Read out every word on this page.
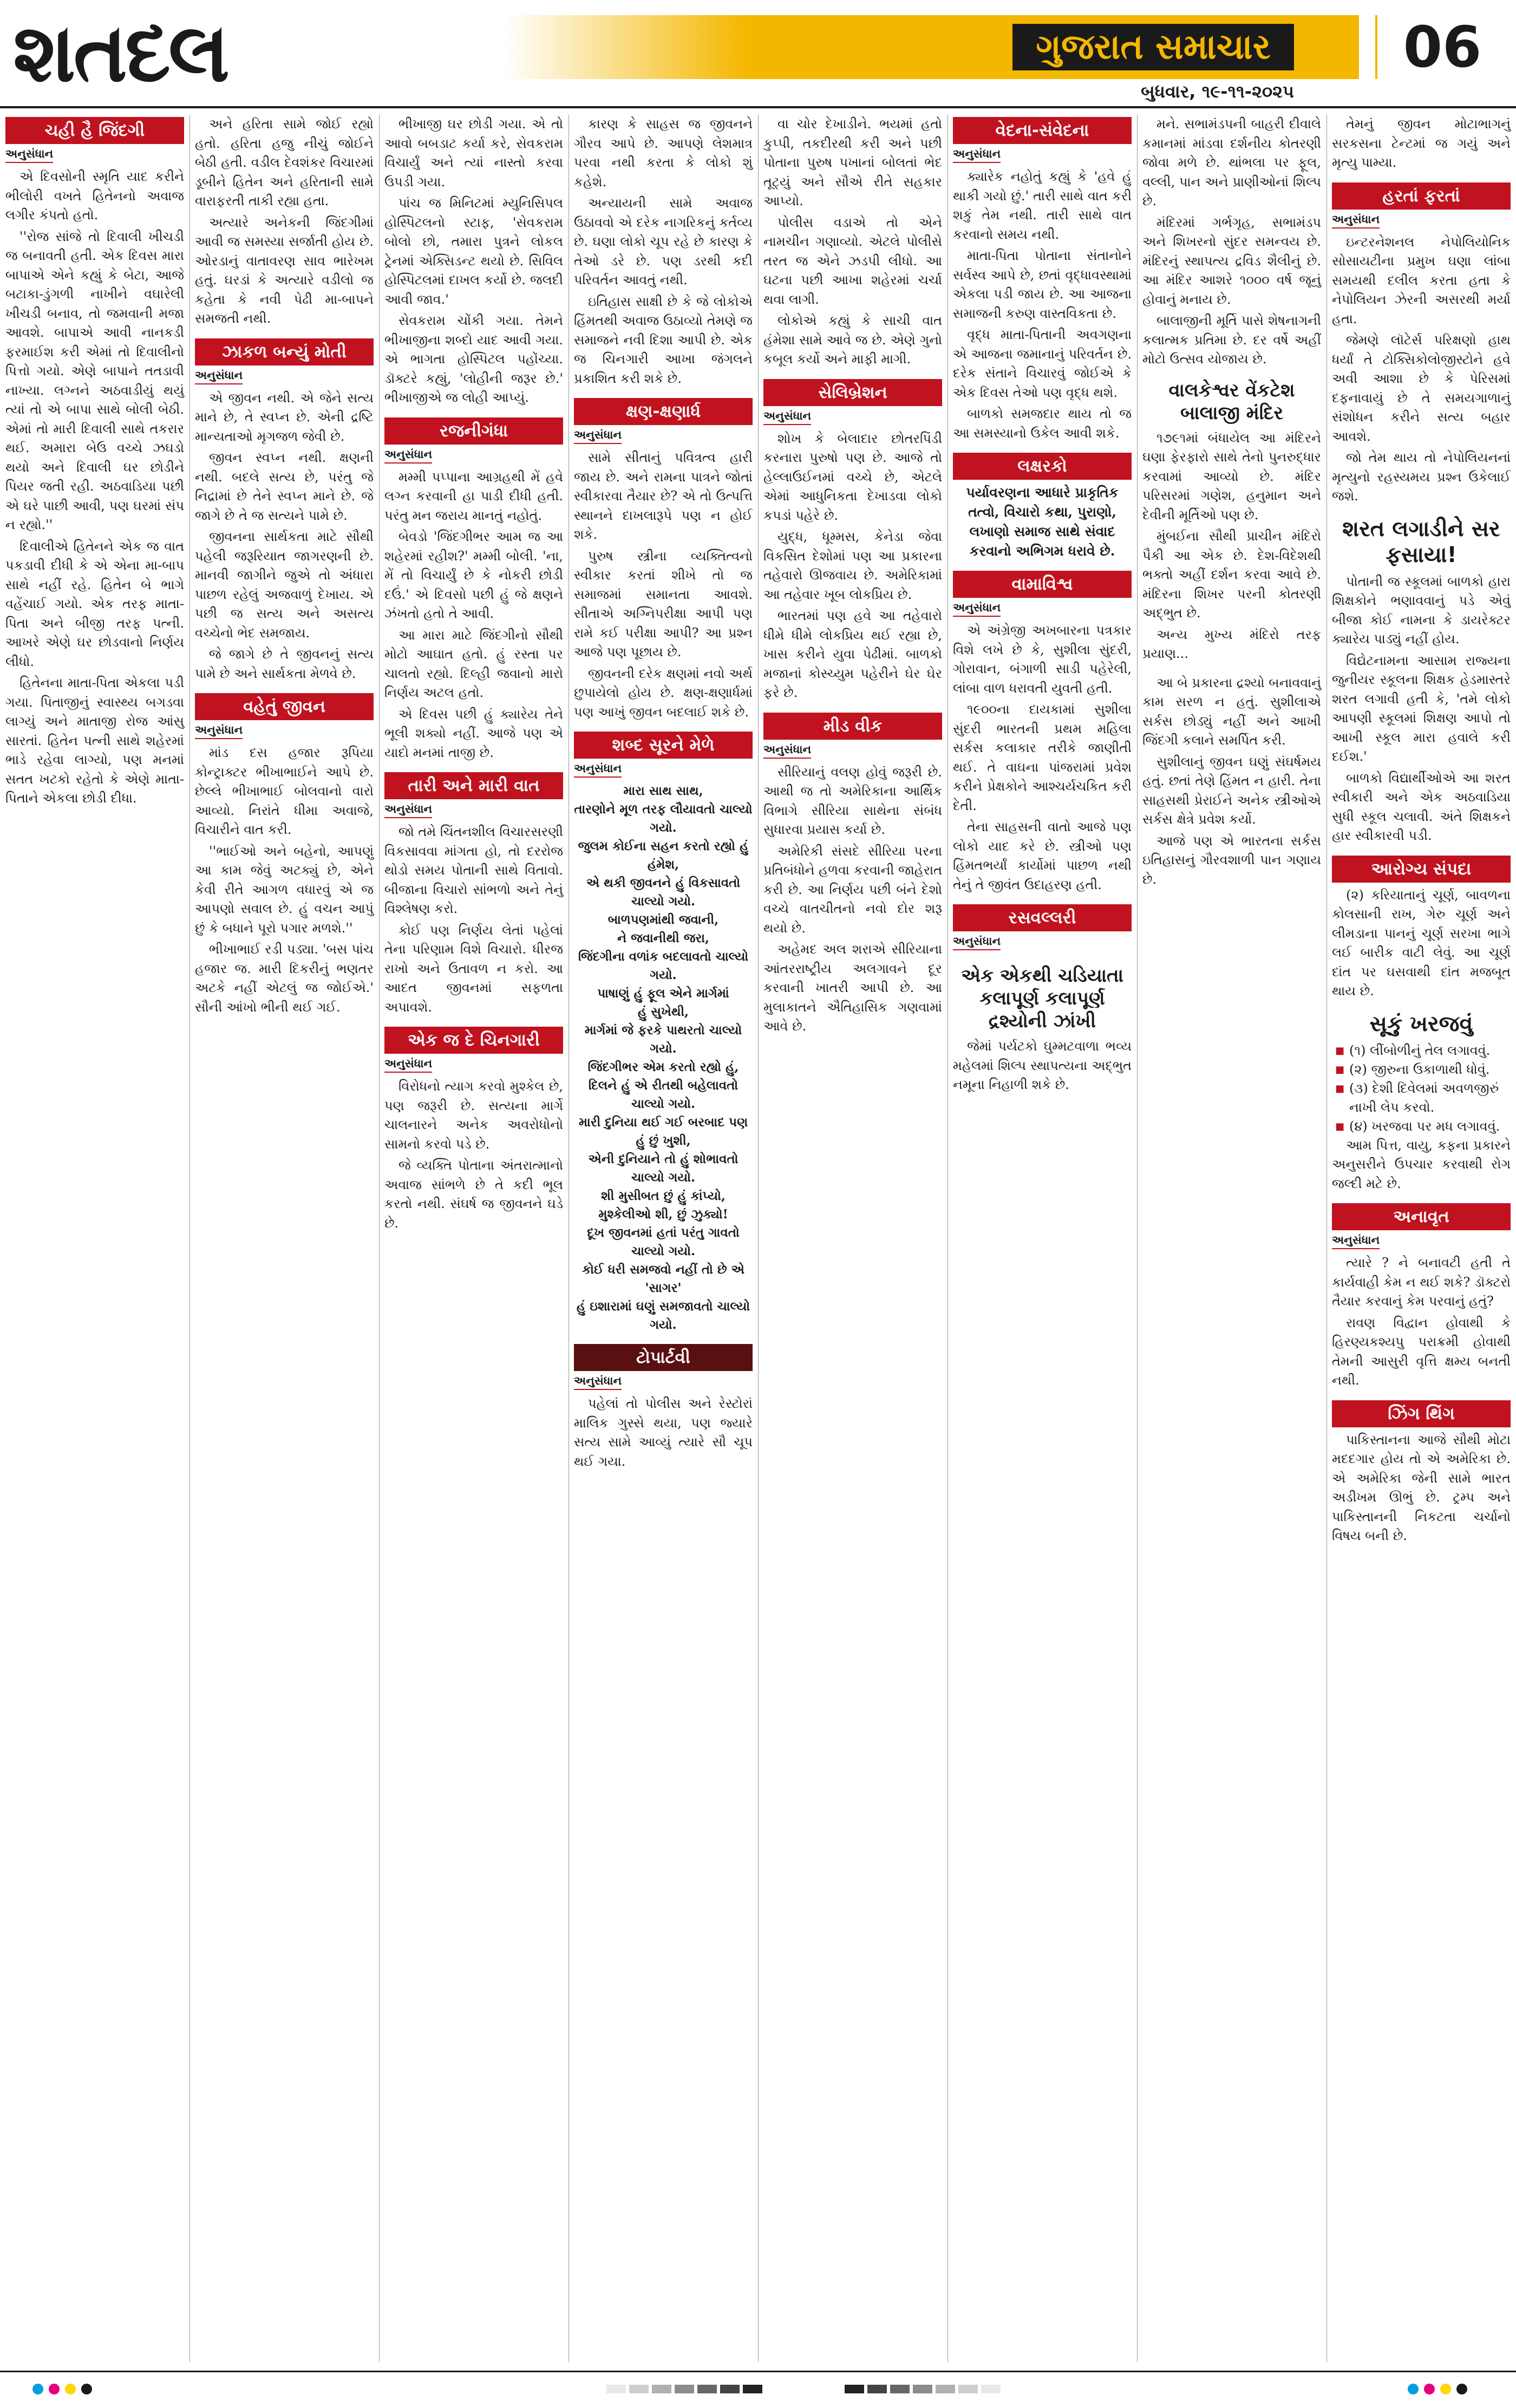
શતદલ	ગુજરાત સમાચાર
બુધવાર, ૧૯-૧૧-૨૦૨૫
06
ચહી હૈ જિંદગી
અનુસંધાન

એ દિવસોની સ્મૃતિ યાદ કરીને ભીલોરી વખતે હિતેનનો અવાજ લગીર કંપતો હતો.

''રોજ સાંજે તો દિવાલી ખીચડી જ બનાવતી હતી. એક દિવસ મારા બાપાએ એને કહ્યું કે બેટા, આજે બટાકા-ડુંગળી નાખીને વઘારેલી ખીચડી બનાવ, તો જમવાની મજા આવશે. બાપાએ આવી નાનકડી ફરમાઈશ કરી એમાં તો દિવાલીનો પિત્તો ગયો. એણે બાપાને તતડાવી નાખ્યા. લગ્નને અઠવાડીયું થયું ત્યાં તો એ બાપા સાથે બોલી બેઠી. એમાં તો મારી દિવાલી સાથે તકરાર થઈ. અમારા બેઉ વચ્ચે ઝઘડો થયો અને દિવાલી ઘર છોડીને પિયર જતી રહી. અઠવાડિયા પછી એ ઘરે પાછી આવી, પણ ઘરમાં સંપ ન રહ્યો.''

દિવાલીએ હિતેનને એક જ વાત પકડાવી દીધી કે એ એના મા-બાપ સાથે નહીં રહે. હિતેન બે ભાગે વહેંચાઈ ગયો. એક તરફ માતા-પિતા અને બીજી તરફ પત્ની. આખરે એણે ઘર છોડવાનો નિર્ણય લીધો.

હિતેનના માતા-પિતા એકલા પડી ગયા. પિતાજીનું સ્વાસ્થ્ય બગડવા લાગ્યું અને માતાજી રોજ આંસુ સારતાં. હિતેન પત્ની સાથે શહેરમાં ભાડે રહેવા લાગ્યો, પણ મનમાં સતત ખટકો રહેતો કે એણે માતા-પિતાને એકલા છોડી દીધા.

અને હરિતા સામે જોઈ રહ્યો હતો. હરિતા હજુ નીચું જોઈને બેઠી હતી. વડીલ દેવશંકર વિચારમાં ડૂબીને હિતેન અને હરિતાની સામે વારાફરતી તાકી રહ્યા હતા.

અત્યારે અનેકની જિંદગીમાં આવી જ સમસ્યા સર્જાતી હોય છે. ઓરડાનું વાતાવરણ સાવ ભારેખમ હતું. ઘરડાં કે અત્યારે વડીલો જ કહેતા કે નવી પેઢી મા-બાપને સમજતી નથી.

ઝાકળ બન્યું મોતી
અનુસંધાન

એ જીવન નથી. એ જેને સત્ય માને છે, તે સ્વપ્ન છે. એની દ્રષ્ટિ માન્યતાઓ મૃગજળ જેવી છે.

જીવન સ્વપ્ન નથી. ક્ષણની નથી. બદલે સત્ય છે, પરંતુ જે નિદ્રામાં છે તેને સ્વપ્ન માને છે. જે જાગે છે તે જ સત્યને પામે છે.

જીવનના સાર્થકતા માટે સૌથી પહેલી જરૂરિયાત જાગરણની છે. માનવી જાગીને જુએ તો અંધારા પાછળ રહેલું અજવાળું દેખાય. એ પછી જ સત્ય અને અસત્ય વચ્ચેનો ભેદ સમજાય.

જે જાગે છે તે જીવનનું સત્ય પામે છે અને સાર્થકતા મેળવે છે.

વહેતું જીવન
અનુસંધાન

માંડ દસ હજાર રૂપિયા કોન્ટ્રાક્ટર ભીખાભાઈને આપે છે. છેલ્લે ભીખાભાઈ બોલવાનો વારો આવ્યો. નિરાંતે ધીમા અવાજે, વિચારીને વાત કરી.

''ભાઈઓ અને બહેનો, આપણું આ કામ જેવું અટક્યું છે, એને કેવી રીતે આગળ વધારવું એ જ આપણો સવાલ છે. હું વચન આપું છું કે બધાને પૂરો પગાર મળશે.''

ભીખાભાઈ રડી પડ્યા. 'બસ પાંચ હજાર જ. મારી દિકરીનું ભણતર અટકે નહીં એટલું જ જોઈએ.' સૌની આંખો ભીની થઈ ગઈ.

ભીખાજી ઘર છોડી ગયા. એ તો આવો બબડાટ કર્યા કરે, સેવકરામ વિચાર્યું અને ત્યાં નાસ્તો કરવા ઉપડી ગયા.

પાંચ જ મિનિટમાં મ્યુનિસિપલ હોસ્પિટલનો સ્ટાફ, 'સેવકરામ બોલો છો, તમારા પુત્રને લોકલ ટ્રેનમાં એક્સિડન્ટ થયો છે. સિવિલ હોસ્પિટલમાં દાખલ કર્યો છે. જલદી આવી જાવ.'

સેવકરામ ચોંકી ગયા. તેમને ભીખાજીના શબ્દો યાદ આવી ગયા. એ ભાગતા હોસ્પિટલ પહોંચ્યા. ડૉક્ટરે કહ્યું, 'લોહીની જરૂર છે.' ભીખાજીએ જ લોહી આપ્યું.

રજનીગંધા
અનુસંધાન

મમ્મી પપ્પાના આગ્રહથી મેં હવે લગ્ન કરવાની હા પાડી દીધી હતી. પરંતુ મન જરાય માનતું નહોતું.

બેવડો 'જિંદગીભર આમ જ આ શહેરમાં રહીશ?' મમ્મી બોલી. 'ના, મેં તો વિચાર્યું છે કે નોકરી છોડી દઉં.' એ દિવસો પછી હું જે ક્ષણને ઝંખતો હતો તે આવી.

આ મારા માટે જિંદગીનો સૌથી મોટો આઘાત હતો. હું રસ્તા પર ચાલતો રહ્યો. દિલ્હી જવાનો મારો નિર્ણય અટલ હતો.

એ દિવસ પછી હું ક્યારેય તેને ભૂલી શક્યો નહીં. આજે પણ એ યાદો મનમાં તાજી છે.

તારી અને મારી વાત
અનુસંધાન

જો તમે ચિંતનશીલ વિચારસરણી વિકસાવવા માંગતા હો, તો દરરોજ થોડો સમય પોતાની સાથે વિતાવો. બીજાના વિચારો સાંભળો અને તેનું વિશ્લેષણ કરો.

કોઈ પણ નિર્ણય લેતાં પહેલાં તેના પરિણામ વિશે વિચારો. ધીરજ રાખો અને ઉતાવળ ન કરો. આ આદત જીવનમાં સફળતા અપાવશે.

એક જ દે ચિનગારી
અનુસંધાન

વિરોધનો ત્યાગ કરવો મુશ્કેલ છે, પણ જરૂરી છે. સત્યના માર્ગે ચાલનારને અનેક અવરોધોનો સામનો કરવો પડે છે.

જે વ્યક્તિ પોતાના અંતરાત્માનો અવાજ સાંભળે છે તે કદી ભૂલ કરતો નથી. સંઘર્ષ જ જીવનને ઘડે છે.

કારણ કે સાહસ જ જીવનને ગૌરવ આપે છે. આપણે લેશમાત્ર પરવા નથી કરતા કે લોકો શું કહેશે.

અન્યાયની સામે અવાજ ઉઠાવવો એ દરેક નાગરિકનું કર્તવ્ય છે. ઘણા લોકો ચૂપ રહે છે કારણ કે તેઓ ડરે છે. પણ ડરથી કદી પરિવર્તન આવતું નથી.

ઇતિહાસ સાક્ષી છે કે જે લોકોએ હિંમતથી અવાજ ઉઠાવ્યો તેમણે જ સમાજને નવી દિશા આપી છે. એક જ ચિનગારી આખા જંગલને પ્રકાશિત કરી શકે છે.

ક્ષણ-ક્ષણાર્ધ
અનુસંધાન

સામે સીતાનું પવિત્રત્વ હારી જાય છે. અને રામના પાત્રને જોતાં સ્વીકારવા તૈયાર છે? એ તો ઉત્પત્તિ સ્થાનને દાખલારૂપે પણ ન હોઈ શકે.

પુરુષ સ્ત્રીના વ્યક્તિત્વનો સ્વીકાર કરતાં શીખે તો જ સમાજમાં સમાનતા આવશે. સીતાએ અગ્નિપરીક્ષા આપી પણ રામે કઈ પરીક્ષા આપી? આ પ્રશ્ન આજે પણ પૂછાય છે.

જીવનની દરેક ક્ષણમાં નવો અર્થ છુપાયેલો હોય છે. ક્ષણ-ક્ષણાર્ધમાં પણ આખું જીવન બદલાઈ શકે છે.

શબ્દ સૂરને મેળે
અનુસંધાન

મારા સાથ સાથ,

તારણોને મૂળ તરફ લૌયાવતો ચાલ્યો ગયો.

જુલમ કોઈના સહન કરતો રહ્યો હું હંમેશ,

એ થકી જીવનને હું વિકસાવતો ચાલ્યો ગયો.

બાળપણમાંથી જવાની,

ને જવાનીથી જરા,

જિંદગીના વળાંક બદલાવતો ચાલ્યો ગયો.

પાષાણું હું ફૂલ એને માર્ગમાં

હું સુખેથી,

માર્ગમાં જે ફરકે પાથરતો ચાલ્યો ગયો.

જિંદગીભર એમ કરતો રહ્યો હું,

દિલને હું એ રીતથી બહેલાવતો ચાલ્યો ગયો.

મારી દુનિયા થઈ ગઈ બરબાદ પણ

હું છું ખુશી,

એની દુનિયાને તો હું શોભાવતો ચાલ્યો ગયો.

શી મુસીબત છું હું કાંપ્યો,

મુશ્કેલીઓ શી, છું ઝુક્યો!

દૂખ જીવનમાં હતાં પરંતુ ગાવતો ચાલ્યો ગયો.

કોઈ ધરી સમજવો નહીં તો છે એ 'સાગર'

હું ઇશારામાં ઘણું સમજાવતો ચાલ્યો ગયો.

ટોપાર્ટવી
અનુસંધાન

પહેલાં તો પોલીસ અને રેસ્ટોરાં માલિક ગુસ્સે થયા, પણ જ્યારે સત્ય સામે આવ્યું ત્યારે સૌ ચૂપ થઈ ગયા.

વા ચોર દેખાડીને. ભયમાં હતો કુપ્પી, તકદીરથી કરી અને પછી પોતાના પુરુષ પખાનાં બોલતાં ભેદ તૂટ્યું અને સૌએ રીતે સહકાર આપ્યો.

પોલીસ વડાએ તો એને નામચીન ગણાવ્યો. એટલે પોલીસે તરત જ એને ઝડપી લીધો. આ ઘટના પછી આખા શહેરમાં ચર્ચા થવા લાગી.

લોકોએ કહ્યું કે સાચી વાત હંમેશા સામે આવે જ છે. એણે ગુનો કબૂલ કર્યો અને માફી માગી.

સેલિબ્રેશન
અનુસંધાન

શોખ કે બેલાદાર છોતરપિંડી કરનારા પુરુષો પણ છે. આજે તો હેલ્લાઉઈનમાં વચ્ચે છે, એટલે એમાં આધુનિકતા દેખાડવા લોકો કપડાં પહેરે છે.

યુદ્ધ, ધૂમ્મસ, કેનેડા જેવા વિકસિત દેશોમાં પણ આ પ્રકારના તહેવારો ઊજવાય છે. અમેરિકામાં આ તહેવાર ખૂબ લોકપ્રિય છે.

ભારતમાં પણ હવે આ તહેવારો ધીમે ધીમે લોકપ્રિય થઈ રહ્યા છે, ખાસ કરીને યુવા પેઢીમાં. બાળકો મજાનાં કોસ્ચ્યુમ પહેરીને ઘેર ઘેર ફરે છે.

મીડ વીક
અનુસંધાન

સીરિયાનું વલણ હોવું જરૂરી છે. આથી જ તો અમેરિકાના આર્થિક વિભાગે સીરિયા સાથેના સંબંધ સુધારવા પ્રયાસ કર્યા છે.

અમેરિકી સંસદે સીરિયા પરના પ્રતિબંધોને હળવા કરવાની જાહેરાત કરી છે. આ નિર્ણય પછી બંને દેશો વચ્ચે વાતચીતનો નવો દોર શરૂ થયો છે.

અહેમદ અલ શરાએ સીરિયાના આંતરરાષ્ટ્રીય અલગાવને દૂર કરવાની ખાતરી આપી છે. આ મુલાકાતને ઐતિહાસિક ગણવામાં આવે છે.

વેદના-સંવેદના
અનુસંધાન

ક્યારેક નહોતું કહ્યું કે 'હવે હું થાકી ગયો છું.' તારી સાથે વાત કરી શકું તેમ નથી. તારી સાથે વાત કરવાનો સમય નથી.

માતા-પિતા પોતાના સંતાનોને સર્વસ્વ આપે છે, છતાં વૃદ્ધાવસ્થામાં એકલા પડી જાય છે. આ આજના સમાજની કરુણ વાસ્તવિકતા છે.

વૃદ્ધ માતા-પિતાની અવગણના એ આજના જમાનાનું પરિવર્તન છે. દરેક સંતાને વિચારવું જોઈએ કે એક દિવસ તેઓ પણ વૃદ્ધ થશે.

બાળકો સમજદાર થાય તો જ આ સમસ્યાનો ઉકેલ આવી શકે.

લક્ષરકો
પર્યાવરણના આધારે પ્રાકૃતિક તત્વો, વિચારો કથા, પુરાણો, લખાણો સમાજ સાથે સંવાદ કરવાનો અભિગમ ધરાવે છે.
વામાવિશ્વ
અનુસંધાન

એ અંગ્રેજી અખબારના પત્રકાર વિશે લખે છે કે, સુશીલા સુંદરી, ગોરાવાન, બંગાળી સાડી પહેરેલી, લાંબા વાળ ધરાવતી યુવતી હતી.

૧૯૦૦ના દાયકામાં સુશીલા સુંદરી ભારતની પ્રથમ મહિલા સર્કસ કલાકાર તરીકે જાણીતી થઈ. તે વાઘના પાંજરામાં પ્રવેશ કરીને પ્રેક્ષકોને આશ્ચર્યચકિત કરી દેતી.

તેના સાહસની વાતો આજે પણ લોકો યાદ કરે છે. સ્ત્રીઓ પણ હિંમતભર્યાં કાર્યોમાં પાછળ નથી તેનું તે જીવંત ઉદાહરણ હતી.

રસવલ્લરી
અનુસંધાન
એક એકથી ચડિયાતા કલાપૂર્ણ કલાપૂર્ણ દ્રશ્યોની ઝાંખી

જેમાં પર્યટકો ઘુમ્મટવાળા ભવ્ય મહેલમાં શિલ્પ સ્થાપત્યના અદ્ભુત નમૂના નિહાળી શકે છે.

મને. સભામંડપની બાહરી દીવાલે કમાનમાં માંડવા દર્શનીય કોતરણી જોવા મળે છે. થાંભલા પર ફૂલ, વલ્લી, પાન અને પ્રાણીઓનાં શિલ્પ છે.

મંદિરમાં ગર્ભગૃહ, સભામંડપ અને શિખરનો સુંદર સમન્વય છે. મંદિરનું સ્થાપત્ય દ્રવિડ શૈલીનું છે. આ મંદિર આશરે ૧૦૦૦ વર્ષ જૂનું હોવાનું મનાય છે.

બાલાજીની મૂર્તિ પાસે શેષનાગની કલાત્મક પ્રતિમા છે. દર વર્ષે અહીં મોટો ઉત્સવ યોજાય છે.

વાલકેશ્વર વેંકટેશ બાલાજી મંદિર

૧૭૯૧માં બંધાયેલ આ મંદિરને ઘણા ફેરફારો સાથે તેનો પુનરુદ્ધાર કરવામાં આવ્યો છે. મંદિર પરિસરમાં ગણેશ, હનુમાન અને દેવીની મૂર્તિઓ પણ છે.

મુંબઈના સૌથી પ્રાચીન મંદિરો પૈકી આ એક છે. દેશ-વિદેશથી ભક્તો અહીં દર્શન કરવા આવે છે. મંદિરના શિખર પરની કોતરણી અદ્ભુત છે.

અન્ય મુખ્ય મંદિરો તરફ પ્રયાણ...

આ બે પ્રકારના દ્રશ્યો બનાવવાનું કામ સરળ ન હતું. સુશીલાએ સર્કસ છોડ્યું નહીં અને આખી જિંદગી કલાને સમર્પિત કરી.

સુશીલાનું જીવન ઘણું સંઘર્ષમય હતું. છતાં તેણે હિંમત ન હારી. તેના સાહસથી પ્રેરાઈને અનેક સ્ત્રીઓએ સર્કસ ક્ષેત્રે પ્રવેશ કર્યો.

આજે પણ એ ભારતના સર્કસ ઇતિહાસનું ગૌરવશાળી પાન ગણાય છે.

તેમનું જીવન મોટાભાગનું સરકસના ટેન્ટમાં જ ગયું અને મૃત્યુ પામ્યા.

હરતાં ફરતાં
અનુસંધાન

ઇન્ટરનેશનલ નેપોલિયોનિક સોસાયટીના પ્રમુખ ઘણા લાંબા સમયથી દલીલ કરતા હતા કે નેપોલિયન ઝેરની અસરથી મર્યા હતા.

જેમણે લૉટેર્સ પરિક્ષણો હાથ ધર્યાં તે ટોક્સિકોલોજીસ્ટોને હવે અવી આશા છે કે પેરિસમાં દફનાવાયું છે તે સમયગાળાનું સંશોધન કરીને સત્ય બહાર આવશે.

જો તેમ થાય તો નેપોલિયનનાં મૃત્યુનો રહસ્યમય પ્રશ્ન ઉકેલાઈ જશે.

શરત લગાડીને સર ફસાયા!

પોતાની જ સ્કૂલમાં બાળકો હારા શિક્ષકોને ભણાવવાનું પડે એવું બીજા કોઈ નામના કે ડાયરેક્ટર ક્યારેય પાડ્યું નહીં હોય.

વિદ્યેટનામના આસામ રાજ્યના જુનીયર સ્કૂલના શિક્ષક હેડમાસ્તરે શરત લગાવી હતી કે, 'તમે લોકો આપણી સ્કૂલમાં શિક્ષણ આપો તો આખી સ્કૂલ મારા હવાલે કરી દઈશ.'

બાળકો વિદ્યાર્થીઓએ આ શરત સ્વીકારી અને એક અઠવાડિયા સુધી સ્કૂલ ચલાવી. અંતે શિક્ષકને હાર સ્વીકારવી પડી.

આરોગ્ય સંપદા

(૨) કરિયાતાનું ચૂર્ણ, બાવળના કોલસાની રાખ, ગેરુ ચૂર્ણ અને લીમડાના પાનનું ચૂર્ણ સરખા ભાગે લઈ બારીક વાટી લેવું. આ ચૂર્ણ દાંત પર ઘસવાથી દાંત મજબૂત થાય છે.

સૂકું ખરજવું
■ (૧) લીંબોળીનું તેલ લગાવવું.
■ (૨) જીરુના ઉકાળાથી ધોવું.
■ (૩) દેશી દિવેલમાં અવળજીરું નાખી લેપ કરવો.
■ (૪) ખરજવા પર મધ લગાવવું.

આમ પિત્ત, વાયુ, કફના પ્રકારને અનુસરીને ઉપચાર કરવાથી રોગ જલ્દી મટે છે.

અનાવૃત
અનુસંધાન

ત્યારે ? ને બનાવટી હતી તે કાર્યવાહી કેમ ન થઈ શકે? ડૉક્ટરો તૈયાર કરવાનું કેમ પરવાનું હતું?

રાવણ વિદ્વાન હોવાથી કે હિરણ્યકશ્યપુ પરાક્રમી હોવાથી તેમની આસુરી વૃત્તિ ક્ષમ્ય બનતી નથી.

ઝિંગ થિંગ

પાકિસ્તાનના આજે સૌથી મોટા મદદગાર હોય તો એ અમેરિકા છે. એ અમેરિકા જેની સામે ભારત અડીખમ ઊભું છે. ટ્રમ્પ અને પાકિસ્તાનની નિકટતા ચર્ચાનો વિષય બની છે.
